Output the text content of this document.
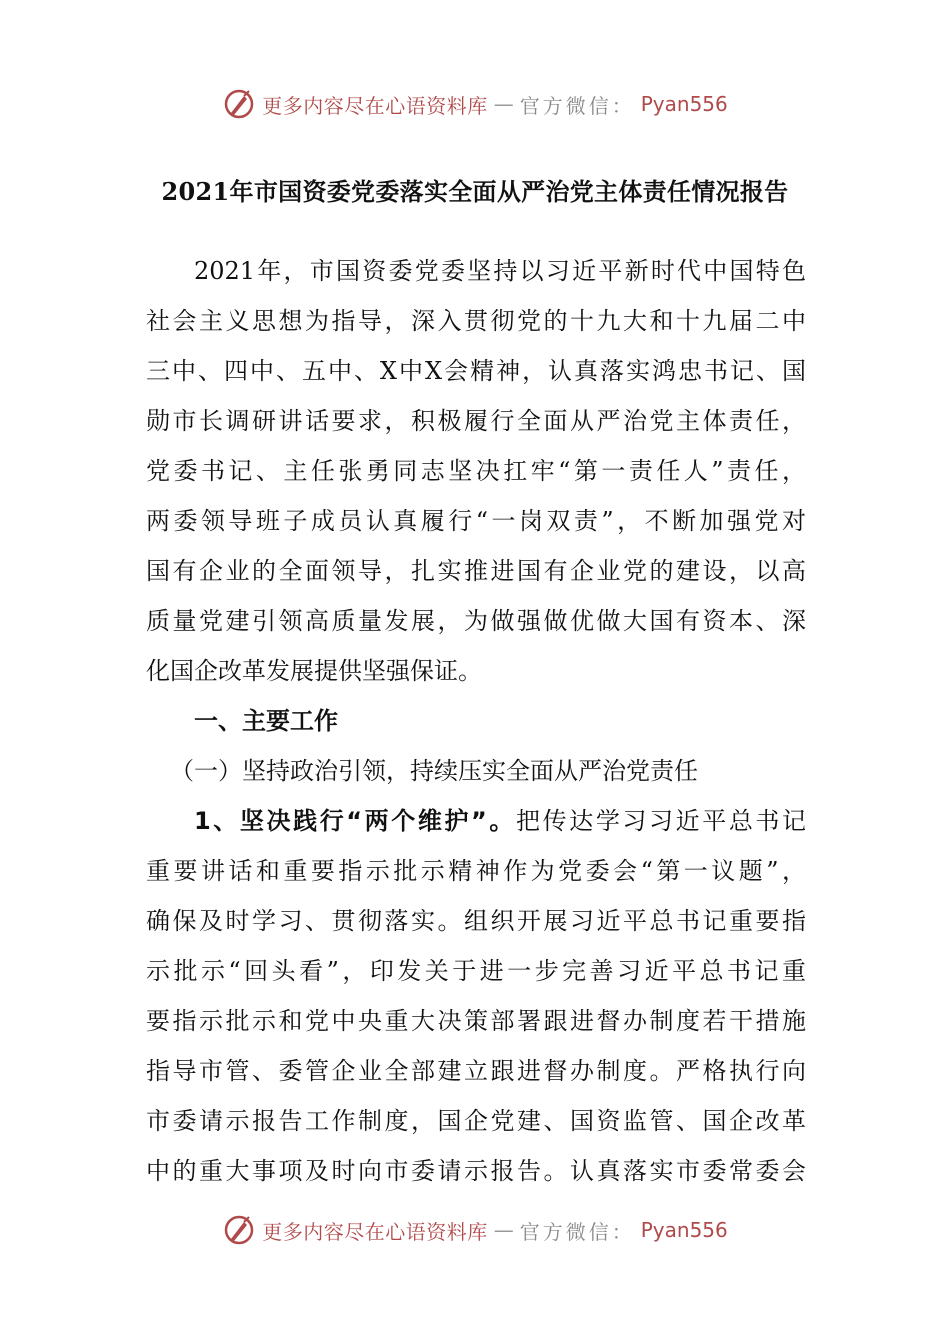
更多内容尽在心语资料库 — 官方微信： Pyan556
2021年市国资委党委落实全面从严治党主体责任情况报告
2021年，市国资委党委坚持以习近平新时代中国特色
社会主义思想为指导，深入贯彻党的十九大和十九届二中
三中、四中、五中、X中X会精神，认真落实鸿忠书记、国
勋市长调研讲话要求，积极履行全面从严治党主体责任，
党委书记、主任张勇同志坚决扛牢“第一责任人”责任，
两委领导班子成员认真履行“一岗双责”，不断加强党对
国有企业的全面领导，扎实推进国有企业党的建设，以高
质量党建引领高质量发展，为做强做优做大国有资本、深
化国企改革发展提供坚强保证。
一、主要工作
（一）坚持政治引领，持续压实全面从严治党责任
1、坚决践行“两个维护”。把传达学习习近平总书记
重要讲话和重要指示批示精神作为党委会“第一议题”，
确保及时学习、贯彻落实。组织开展习近平总书记重要指
示批示“回头看”，印发关于进一步完善习近平总书记重
要指示批示和党中央重大决策部署跟进督办制度若干措施
指导市管、委管企业全部建立跟进督办制度。严格执行向
市委请示报告工作制度，国企党建、国资监管、国企改革
中的重大事项及时向市委请示报告。认真落实市委常委会
更多内容尽在心语资料库 — 官方微信： Pyan556
